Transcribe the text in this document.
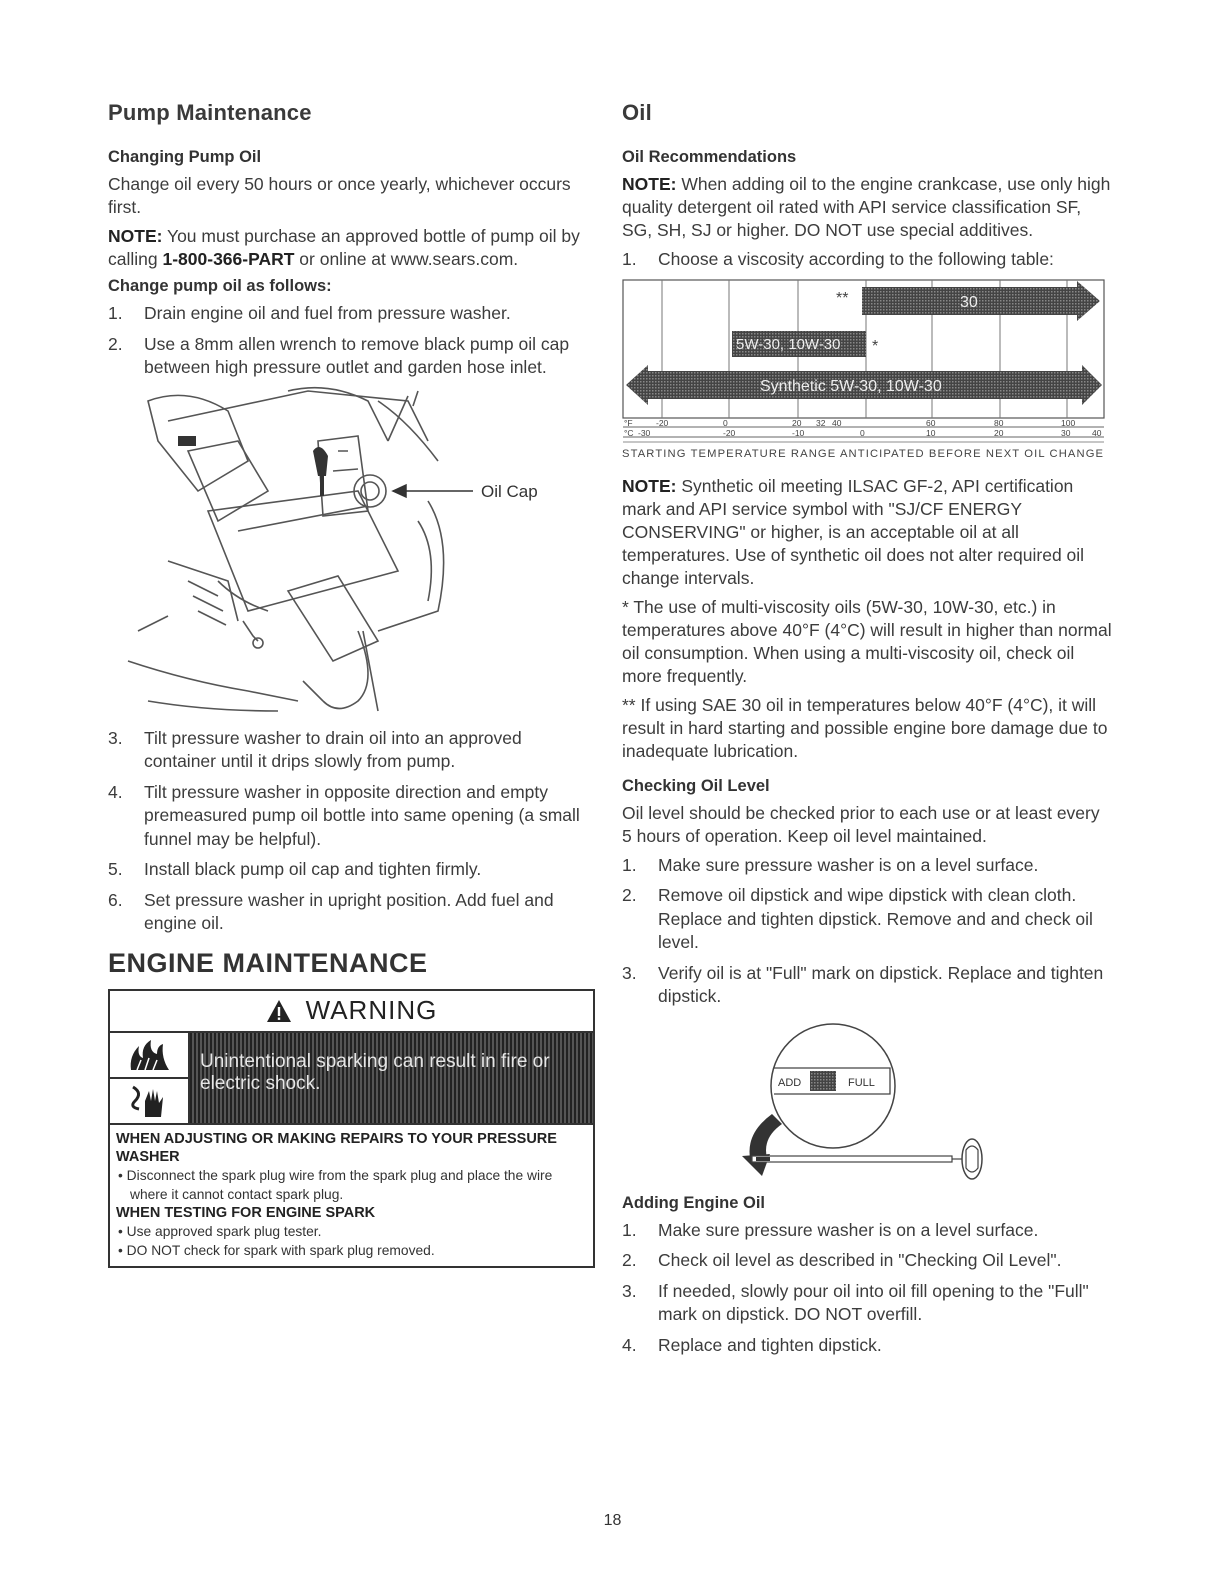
Pump Maintenance
Changing Pump Oil

Change oil every 50 hours or once yearly, whichever occurs first.

NOTE: You must purchase an approved bottle of pump oil by calling 1-800-366-PART or online at www.sears.com.

Change pump oil as follows:
1.	Drain engine oil and fuel from pressure washer.
2.	Use a 8mm allen wrench to remove black pump oil cap between high pressure outlet and garden hose inlet.
Oil Cap
3.	Tilt pressure washer to drain oil into an approved container until it drips slowly from pump.
4.	Tilt pressure washer in opposite direction and empty premeasured pump oil bottle into same opening (a small funnel may be helpful).
5.	Install black pump oil cap and tighten firmly.
6.	Set pressure washer in upright position. Add fuel and engine oil.
ENGINE MAINTENANCE
WARNING
Unintentional sparking can result in fire or electric shock.
WHEN ADJUSTING OR MAKING REPAIRS TO YOUR PRESSURE WASHER

• Disconnect the spark plug wire from the spark plug and place the wire where it cannot contact spark plug.

WHEN TESTING FOR ENGINE SPARK

• Use approved spark plug tester.

• DO NOT check for spark with spark plug removed.

Oil
Oil Recommendations

NOTE: When adding oil to the engine crankcase, use only high quality detergent oil rated with API service classification SF, SG, SH, SJ or higher. DO NOT use special additives.

1.	Choose a viscosity according to the following table:
30
**
5W-30, 10W-30 *
Synthetic 5W-30, 10W-30
°F
°C
-20	0	20 32 40	60	80	100
-30	-20	-10	0	10	20	30	40
STARTING TEMPERATURE RANGE ANTICIPATED BEFORE NEXT OIL CHANGE

NOTE: Synthetic oil meeting ILSAC GF-2, API certification mark and API service symbol with "SJ/CF ENERGY CONSERVING" or higher, is an acceptable oil at all temperatures. Use of synthetic oil does not alter required oil change intervals.

* The use of multi-viscosity oils (5W-30, 10W-30, etc.) in temperatures above 40°F (4°C) will result in higher than normal oil consumption. When using a multi-viscosity oil, check oil more frequently.

** If using SAE 30 oil in temperatures below 40°F (4°C), it will result in hard starting and possible engine bore damage due to inadequate lubrication.

Checking Oil Level

Oil level should be checked prior to each use or at least every 5 hours of operation. Keep oil level maintained.

1.	Make sure pressure washer is on a level surface.
2.	Remove oil dipstick and wipe dipstick with clean cloth. Replace and tighten dipstick. Remove and and check oil level.
3.	Verify oil is at "Full" mark on dipstick. Replace and tighten dipstick.
ADD	FULL
Adding Engine Oil
1.	Make sure pressure washer is on a level surface.
2.	Check oil level as described in "Checking Oil Level".
3.	If needed, slowly pour oil into oil fill opening to the "Full" mark on dipstick. DO NOT overfill.
4.	Replace and tighten dipstick.
18
